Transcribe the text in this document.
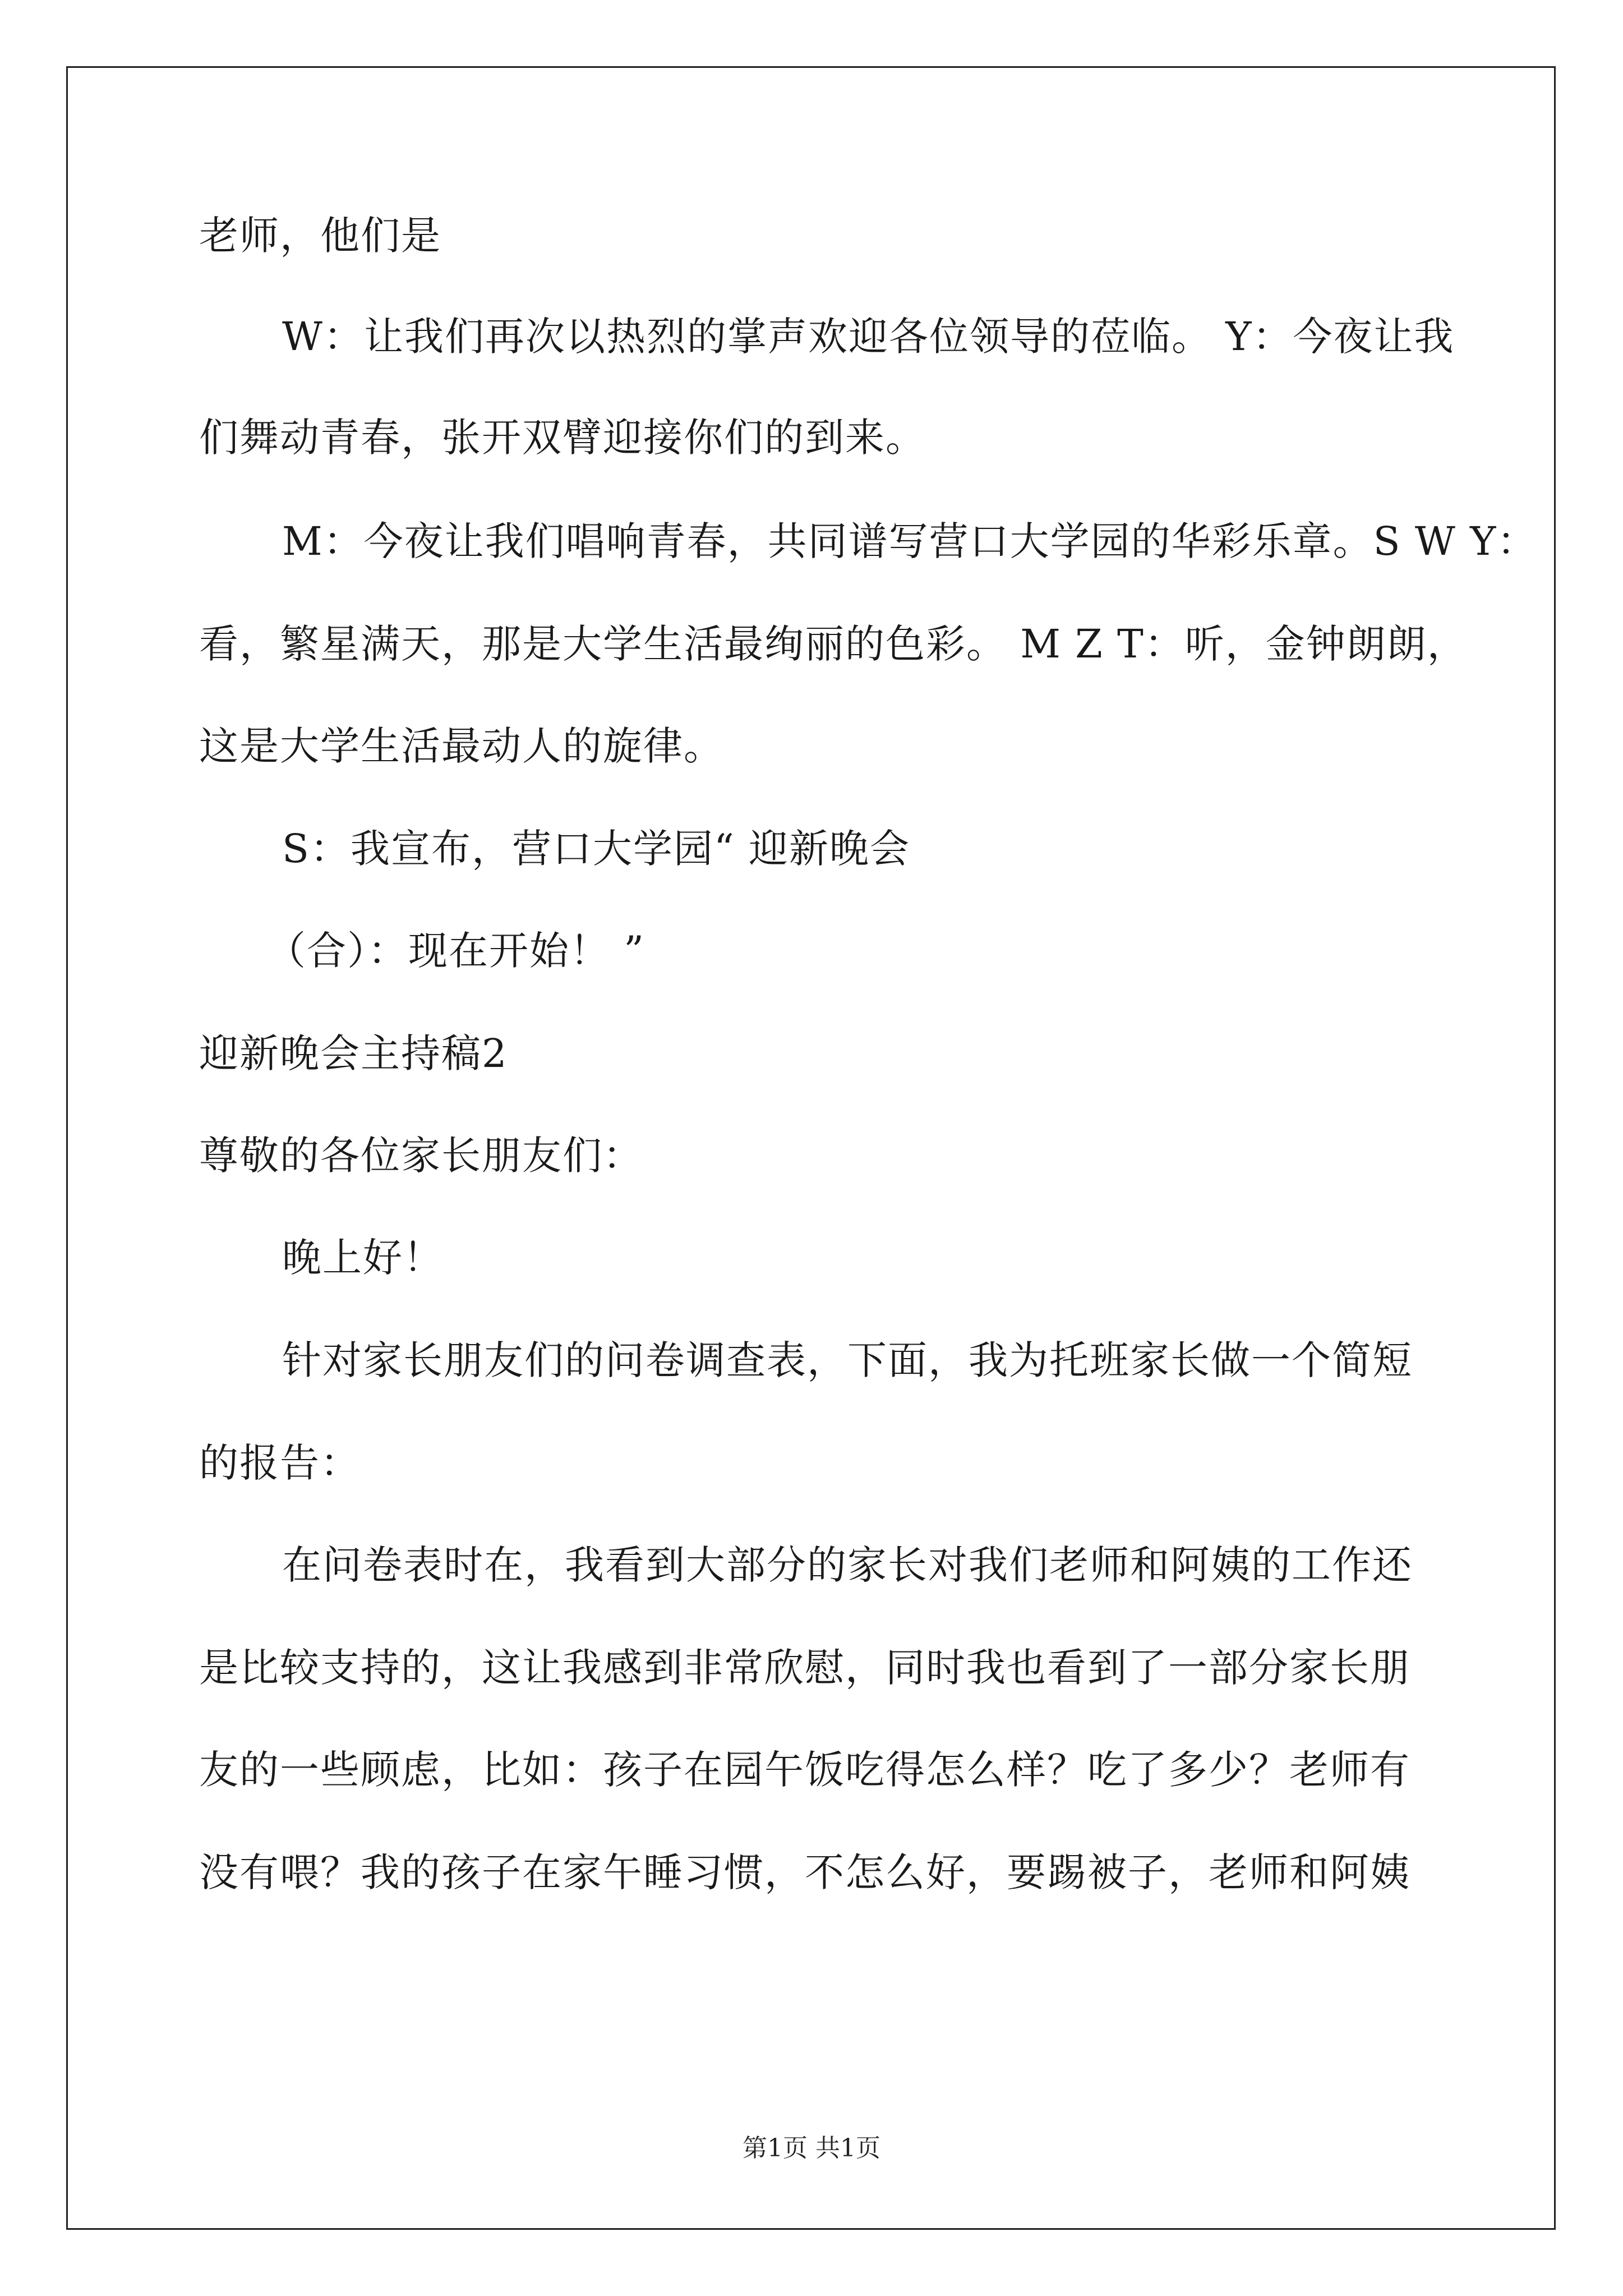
老师，他们是
W：让我们再次以热烈的掌声欢迎各位领导的莅临。 Y：今夜让我
们舞动青春，张开双臂迎接你们的到来。
M：今夜让我们唱响青春，共同谱写营口大学园的华彩乐章。S W Y：
看，繁星满天，那是大学生活最绚丽的色彩。 M Z T：听，金钟朗朗，
这是大学生活最动人的旋律。
S：我宣布，营口大学园“ 迎新晚会
（合）：现在开始！ ”
迎新晚会主持稿2
尊敬的各位家长朋友们：
晚上好！
针对家长朋友们的问卷调查表，下面，我为托班家长做一个简短
的报告：
在问卷表时在，我看到大部分的家长对我们老师和阿姨的工作还
是比较支持的，这让我感到非常欣慰，同时我也看到了一部分家长朋
友的一些顾虑，比如：孩子在园午饭吃得怎么样？吃了多少？老师有
没有喂？我的孩子在家午睡习惯，不怎么好，要踢被子，老师和阿姨
第1页 共1页
